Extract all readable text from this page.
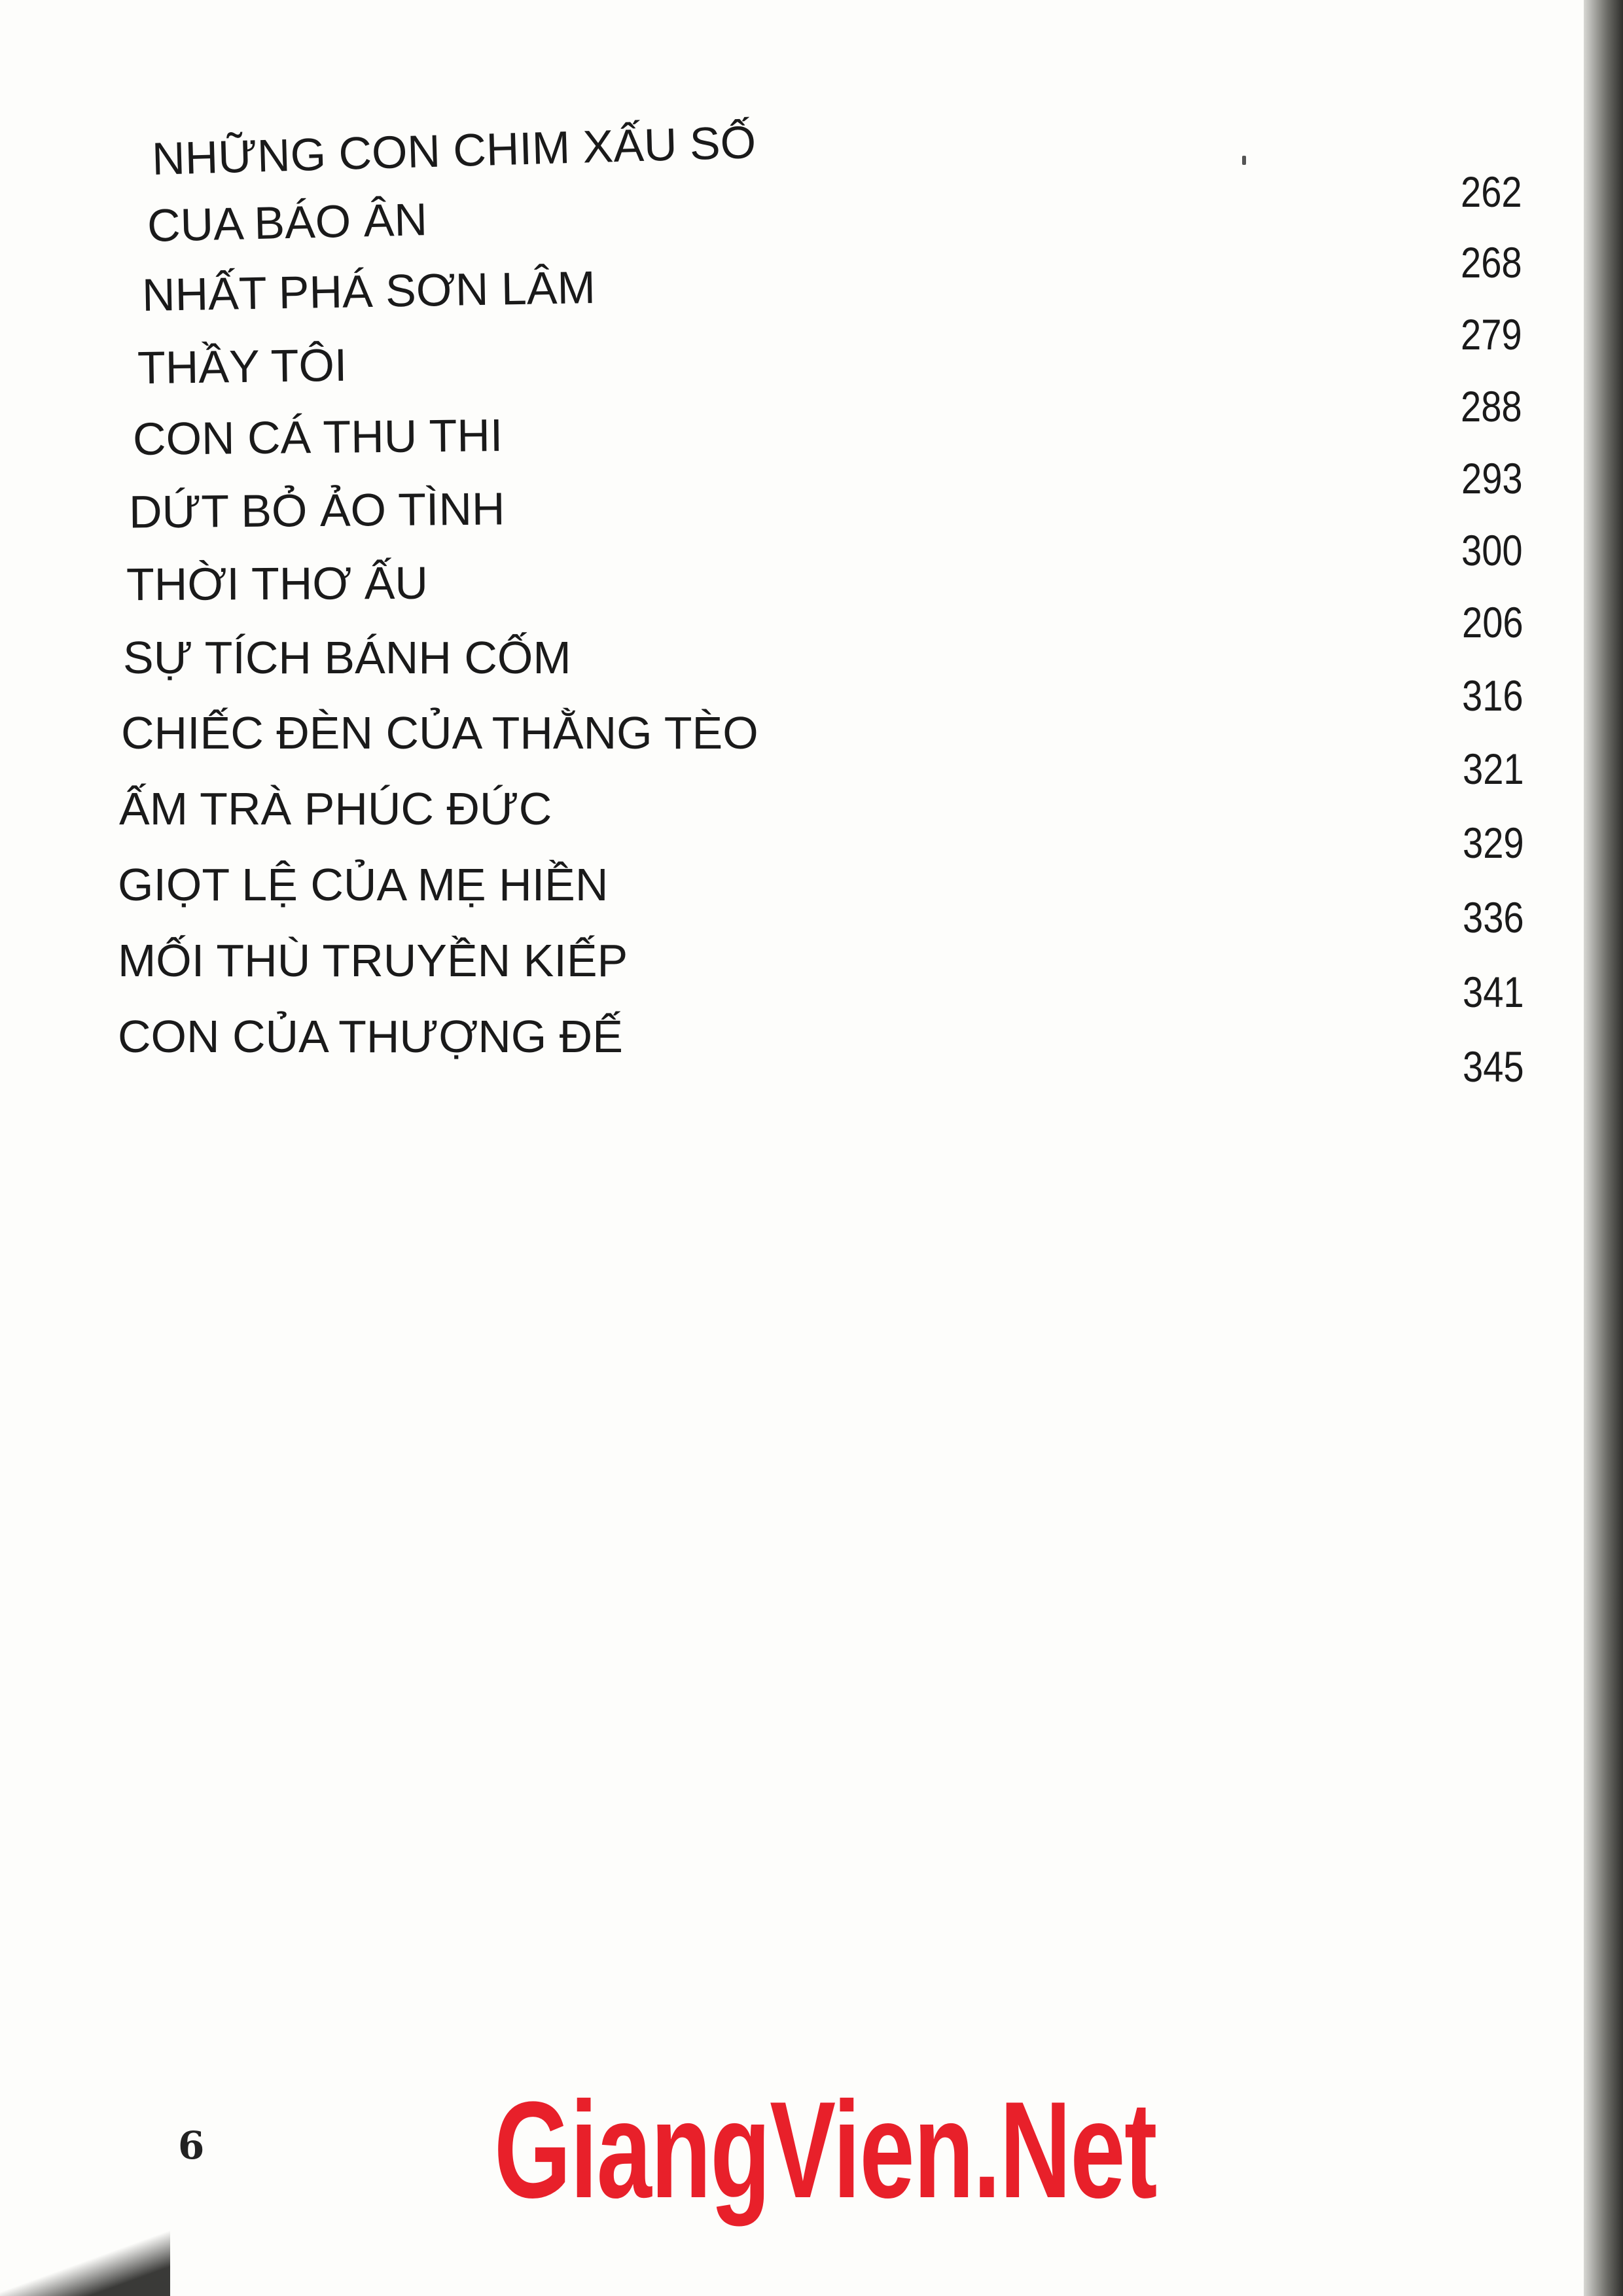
NHỮNG CON CHIM XẤU SỐ
262
CUA BÁO ÂN
268
NHẤT PHÁ SƠN LÂM
279
THẦY TÔI
288
CON CÁ THU THI
293
DỨT BỎ ẢO TÌNH
300
THỜI THƠ ẤU
206
SỰ TÍCH BÁNH CỐM
316
CHIẾC ĐÈN CỦA THẰNG TÈO
321
ẤM TRÀ PHÚC ĐỨC
329
GIỌT LỆ CỦA MẸ HIỀN
336
MỐI THÙ TRUYỀN KIẾP
341
CON CỦA THƯỢNG ĐẾ
345
6 GiangVien.Net
